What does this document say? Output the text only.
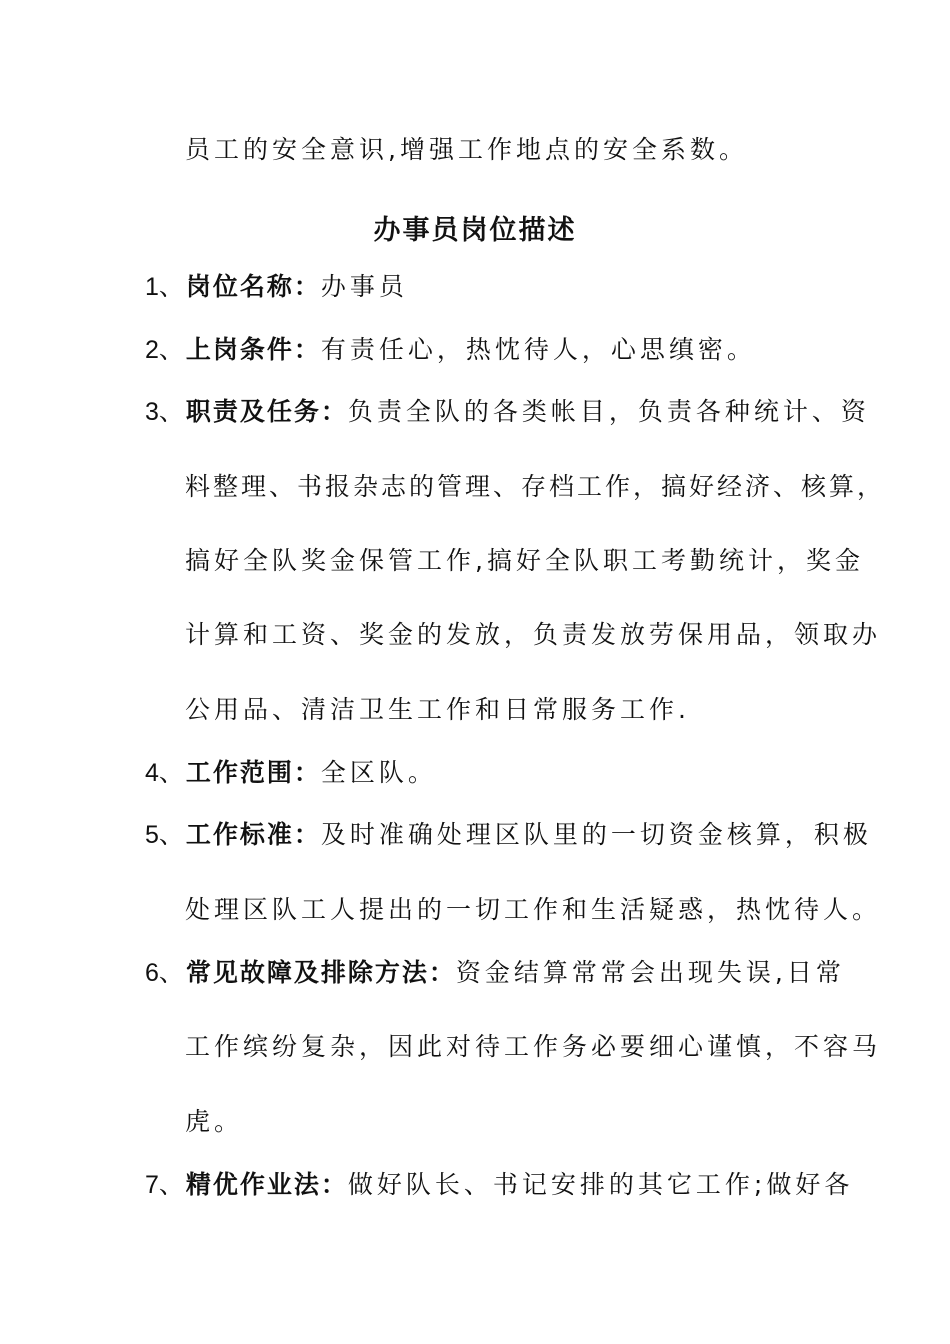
员工的安全意识,增强工作地点的安全系数。
办事员岗位描述
1、岗位名称：办事员
2、上岗条件：有责任心，热忱待人，心思缜密。
3、职责及任务：负责全队的各类帐目，负责各种统计、资
料整理、书报杂志的管理、存档工作，搞好经济、核算，
搞好全队奖金保管工作,搞好全队职工考勤统计，奖金
计算和工资、奖金的发放，负责发放劳保用品，领取办
公用品、清洁卫生工作和日常服务工作.
4、工作范围：全区队。
5、工作标准：及时准确处理区队里的一切资金核算，积极
处理区队工人提出的一切工作和生活疑惑，热忱待人。
6、常见故障及排除方法：资金结算常常会出现失误,日常
工作缤纷复杂，因此对待工作务必要细心谨慎，不容马
虎。
7、精优作业法：做好队长、书记安排的其它工作;做好各
